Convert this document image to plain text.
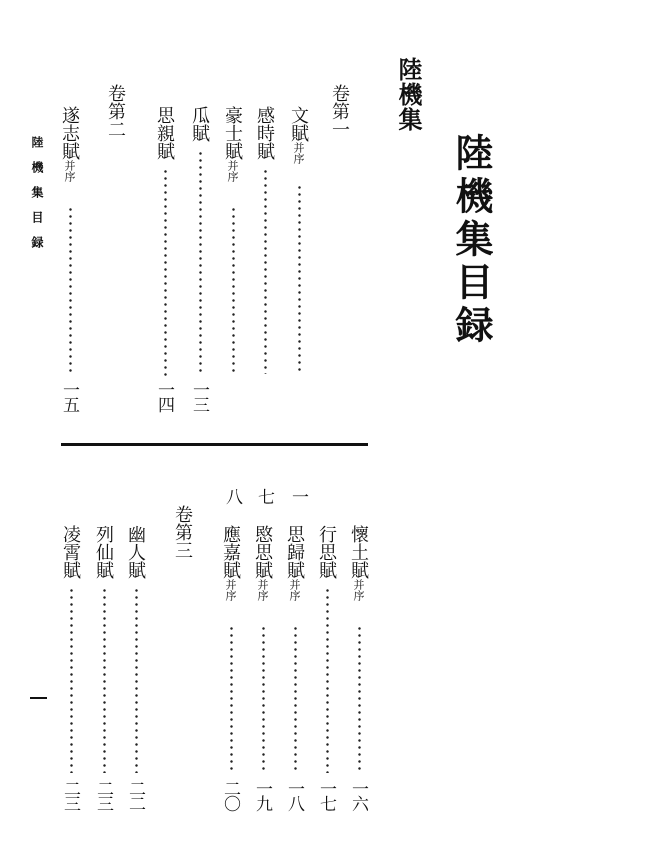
陸機集目録
陸機集
陸機集目録
卷第一
卷第二	文賦并序
一
感時賦
七
豪士賦并序
八
瓜賦
一三
思親賦
一四
遂志賦并序
一五
卷第三	懷土賦并序
一六
行思賦
一七
思歸賦并序
一八
愍思賦并序
一九
應嘉賦并序
二〇
幽人賦
二二
列仙賦
二三
凌霄賦
二三
